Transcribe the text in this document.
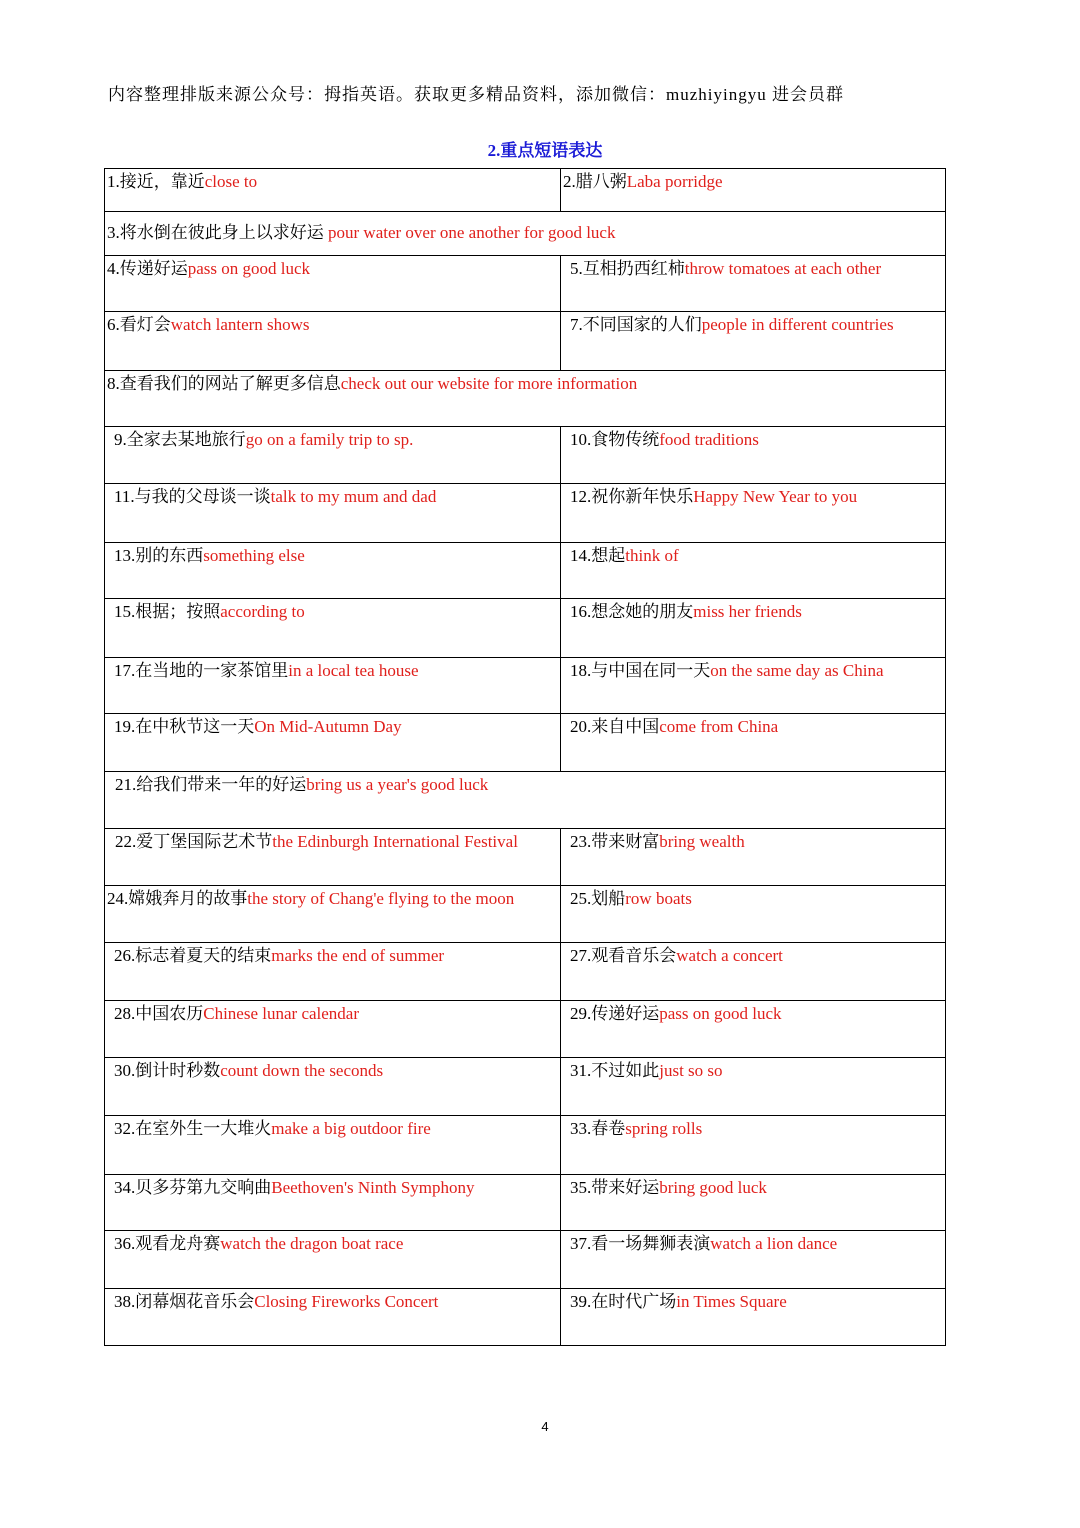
内容整理排版来源公众号：拇指英语。获取更多精品资料，添加微信：muzhiyingyu 进会员群
2.重点短语表达
1.接近，靠近close to	2.腊八粥Laba porridge
3.将水倒在彼此身上以求好运 pour water over one another for good luck	
4.传递好运pass on good luck	5.互相扔西红柿throw tomatoes at each other
6.看灯会watch lantern shows	7.不同国家的人们people in different countries
8.查看我们的网站了解更多信息check out our website for more information	
9.全家去某地旅行go on a family trip to sp.	10.食物传统food traditions
11.与我的父母谈一谈talk to my mum and dad	12.祝你新年快乐Happy New Year to you
13.别的东西something else	14.想起think of
15.根据；按照according to	16.想念她的朋友miss her friends
17.在当地的一家茶馆里in a local tea house	18.与中国在同一天on the same day as China
19.在中秋节这一天On Mid-Autumn Day	20.来自中国come from China
21.给我们带来一年的好运bring us a year's good luck	
22.爱丁堡国际艺术节the Edinburgh International Festival	23.带来财富bring wealth
24.嫦娥奔月的故事the story of Chang'e flying to the moon	25.划船row boats
26.标志着夏天的结束marks the end of summer	27.观看音乐会watch a concert
28.中国农历Chinese lunar calendar	29.传递好运pass on good luck
30.倒计时秒数count down the seconds	31.不过如此just so so
32.在室外生一大堆火make a big outdoor fire	33.春卷spring rolls
34.贝多芬第九交响曲Beethoven's Ninth Symphony	35.带来好运bring good luck
36.观看龙舟赛watch the dragon boat race	37.看一场舞狮表演watch a lion dance
38.闭幕烟花音乐会Closing Fireworks Concert	39.在时代广场in Times Square
4
